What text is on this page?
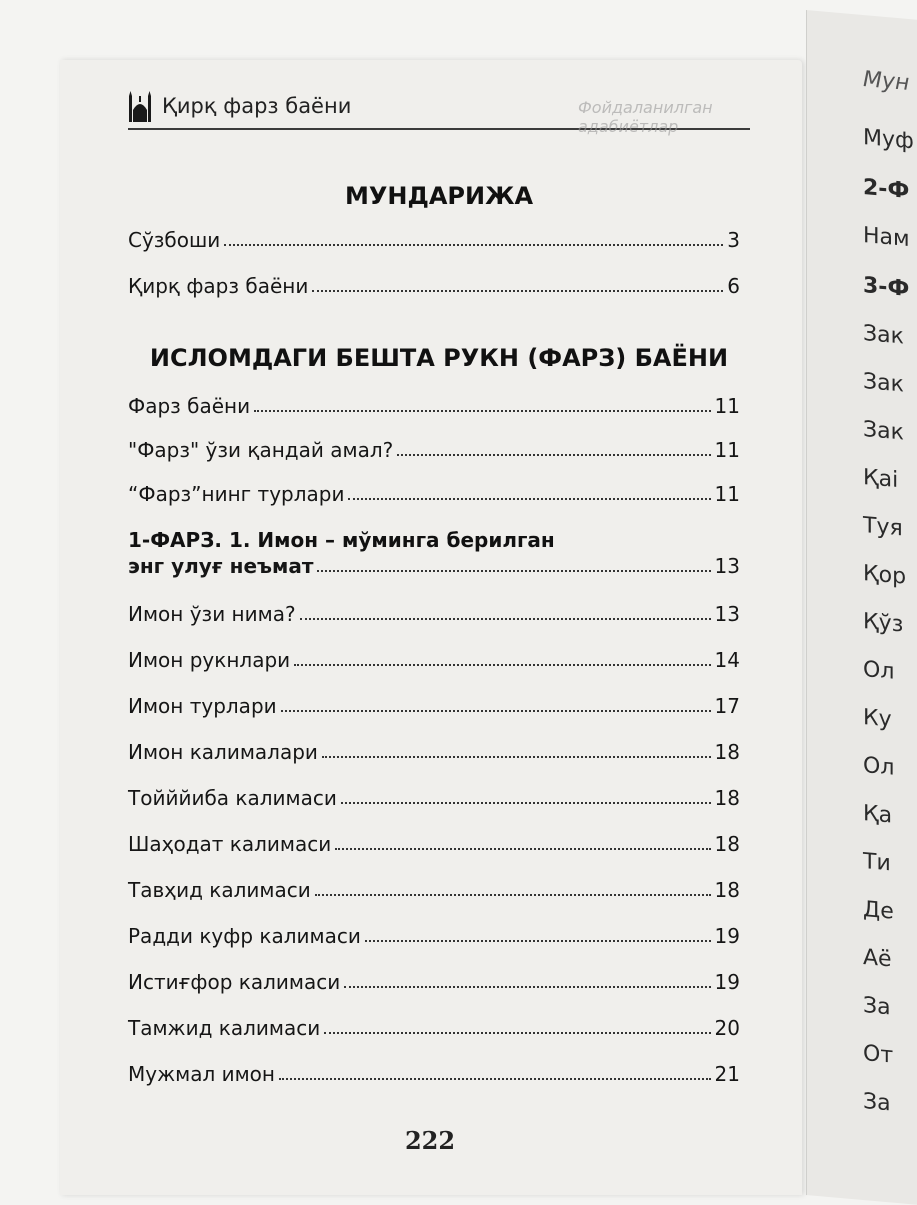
Мун
Муф
2-Ф
Нам
3-Ф
Зак
Зак
Зак
Қаі
Туя
Қор
Қўз
Ол
Ку
Ол
Қа
Ти
Де
Аё
За
От
За
Қирқ фарз баёни	Фойдаланилган адабиётлар
МУНДАРИЖА
Сўзбоши	3
Қирқ фарз баёни	6
ИСЛОМДАГИ БЕШТА РУКН (ФАРЗ) БАЁНИ
Фарз баёни	11
"Фарз" ўзи қандай амал?	11
“Фарз”нинг турлари	11
1-ФАРЗ. 1. Имон – мўминга берилган
энг улуғ неъмат	13
Имон ўзи нима?	13
Имон рукнлари	14
Имон турлари	17
Имон калималари	18
Тойййиба калимаси	18
Шаҳодат калимаси	18
Тавҳид калимаси	18
Радди куфр калимаси	19
Истиғфор калимаси	19
Тамжид калимаси	20
Мужмал имон	21
222
